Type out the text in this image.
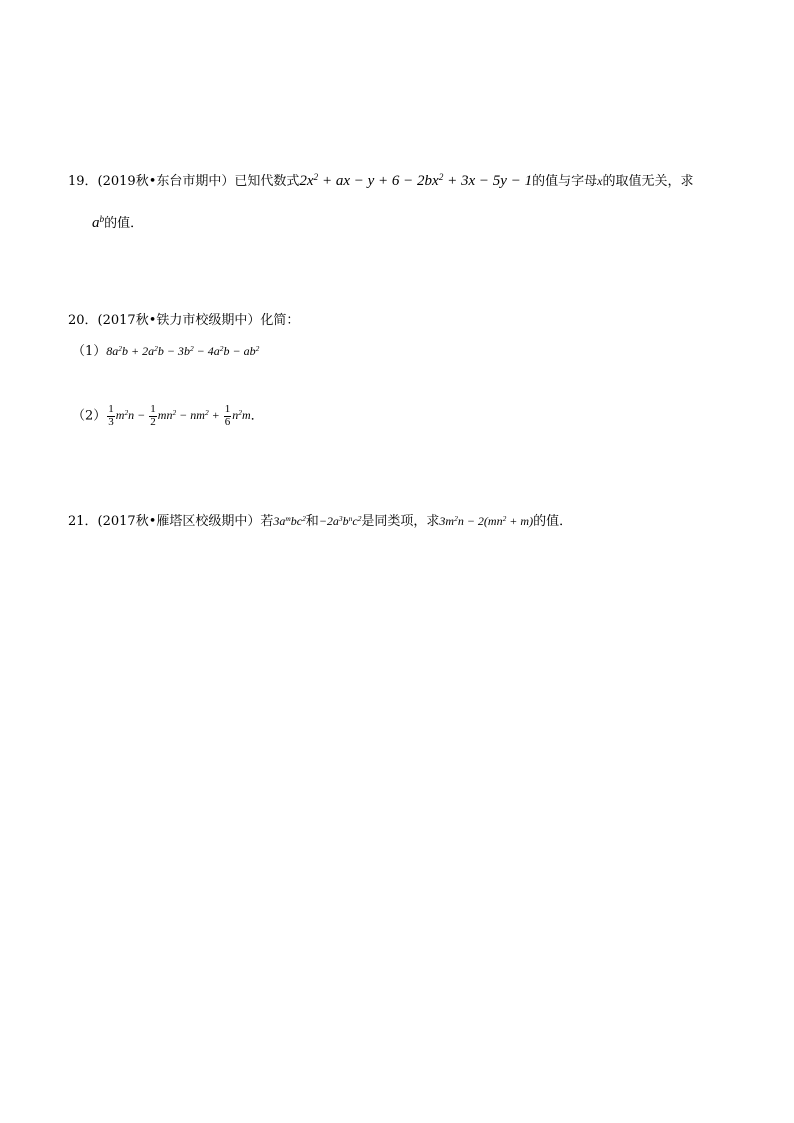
19．(2019秋•东台市期中）已知代数式$2x^2$ + ax − $y + 6 - 2bx^2 + 3x - 5y - 1$的值与字母x的取值无关，求
$a^b$的值．
20．(2017秋•铁力市校级期中）化简：
$(1)8a^2b + 2a^2b - 3b^2 - 4a^2b - ab^2$
$(2) \frac{1}{3} m^2n - \frac{1}{2} mn^2 - nm^2 + \frac{1}{6} n^2m$．
21．(2017秋•雁塔区校级期中）若$3a^mbc^2$和$-2a^3b^nc^2$是同类项，求$3m^2n - 2(mn^2 + m)$的值．
